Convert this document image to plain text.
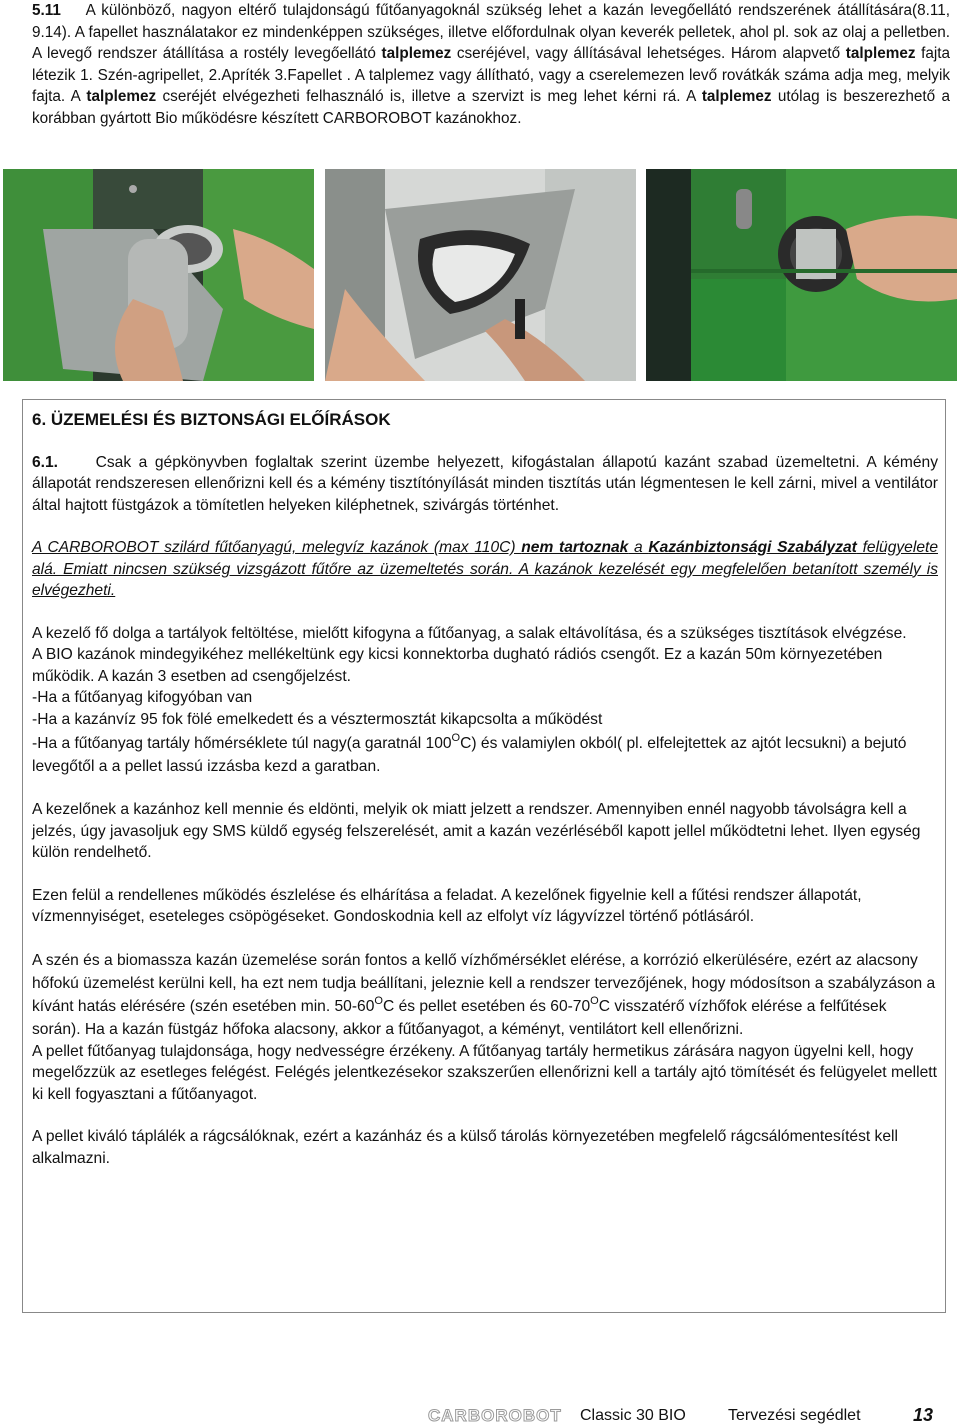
5.11 A különböző, nagyon eltérő tulajdonságú fűtőanyagoknál szükség lehet a kazán levegőellátó rendszerének átállítására(8.11, 9.14). A fapellet használatakor ez mindenképpen szükséges, illetve előfordulnak olyan keverék pelletek, ahol pl. sok az olaj a pelletben. A levegő rendszer átállítása a rostély levegőellátó talplemez cseréjével, vagy állításával lehetséges. Három alapvető talplemez fajta létezik 1. Szén-agripellet, 2.Apríték 3.Fapellet . A talplemez vagy állítható, vagy a cserelemezen levő rovátkák száma adja meg, melyik fajta. A talplemez cseréjét elvégezheti felhasználó is, illetve a szervizt is meg lehet kérni rá. A talplemez utólag is beszerezhető a korábban gyártott Bio működésre készített CARBOROBOT kazánokhoz.

6. ÜZEMELÉSI ÉS BIZTONSÁGI ELŐÍRÁSOK

6.1. Csak a gépkönyvben foglaltak szerint üzembe helyezett, kifogástalan állapotú kazánt szabad üzemeltetni. A kémény állapotát rendszeresen ellenőrizni kell és a kémény tisztítónyílását minden tisztítás után légmentesen le kell zárni, mivel a ventilátor által hajtott füstgázok a tömítetlen helyeken kiléphetnek, szivárgás történhet.

A CARBOROBOT szilárd fűtőanyagú, melegvíz kazánok (max 110C) nem tartoznak a Kazánbiztonsági Szabályzat felügyelete alá. Emiatt nincsen szükség vizsgázott fűtőre az üzemeltetés során. A kazánok kezelését egy megfelelően betanított személy is elvégezheti.

A kezelő fő dolga a tartályok feltöltése, mielőtt kifogyna a fűtőanyag, a salak eltávolítása, és a szükséges tisztítások elvégzése.

A BIO kazánok mindegyikéhez mellékeltünk egy kicsi konnektorba dugható rádiós csengőt. Ez a kazán 50m környezetében működik. A kazán 3 esetben ad csengőjelzést.

-Ha a fűtőanyag kifogyóban van

-Ha a kazánvíz 95 fok fölé emelkedett és a vésztermosztát kikapcsolta a működést

-Ha a fűtőanyag tartály hőmérséklete túl nagy(a garatnál $100^OC$) és valamiylen okból( pl. elfelejtettek az ajtót lecsukni) a bejutó levegőtől a a pellet lassú izzásba kezd a garatban.

A kezelőnek a kazánhoz kell mennie és eldönti, melyik ok miatt jelzett a rendszer. Amennyiben ennél nagyobb távolságra kell a jelzés, úgy javasoljuk egy SMS küldő egység felszerelését, amit a kazán vezérléséből kapott jellel működtetni lehet. Ilyen egység külön rendelhető.

Ezen felül a rendellenes működés észlelése és elhárítása a feladat. A kezelőnek figyelnie kell a fűtési rendszer állapotát, vízmennyiséget, eseteleges csöpögéseket. Gondoskodnia kell az elfolyt víz lágyvízzel történő pótlásáról.

A szén és a biomassza kazán üzemelése során fontos a kellő vízhőmérséklet elérése, a korrózió elkerülésére, ezért az alacsony hőfokú üzemelést kerülni kell, ha ezt nem tudja beállítani, jeleznie kell a rendszer tervezőjének, hogy módosítson a szabályzáson a kívánt hatás elérésére (szén esetében min. $50-60^OC$ és pellet esetében és $60-70^OC$ visszatérő vízhőfok elérése a felfűtések során). Ha a kazán füstgáz hőfoka alacsony, akkor a fűtőanyagot, a kéményt, ventilátort kell ellenőrizni.

A pellet fűtőanyag tulajdonsága, hogy nedvességre érzékeny. A fűtőanyag tartály hermetikus zárására nagyon ügyelni kell, hogy megelőzzük az esetleges felégést. Felégés jelentkezésekor szakszerűen ellenőrizni kell a tartály ajtó tömítését és felügyelet mellett ki kell fogyasztani a fűtőanyagot.

A pellet kiváló táplálék a rágcsálóknak, ezért a kazánház és a külső tárolás környezetében megfelelő rágcsálómentesítést kell alkalmazni.

CARBOROBOT Classic 30 BIO	Tervezési segédlet	13
